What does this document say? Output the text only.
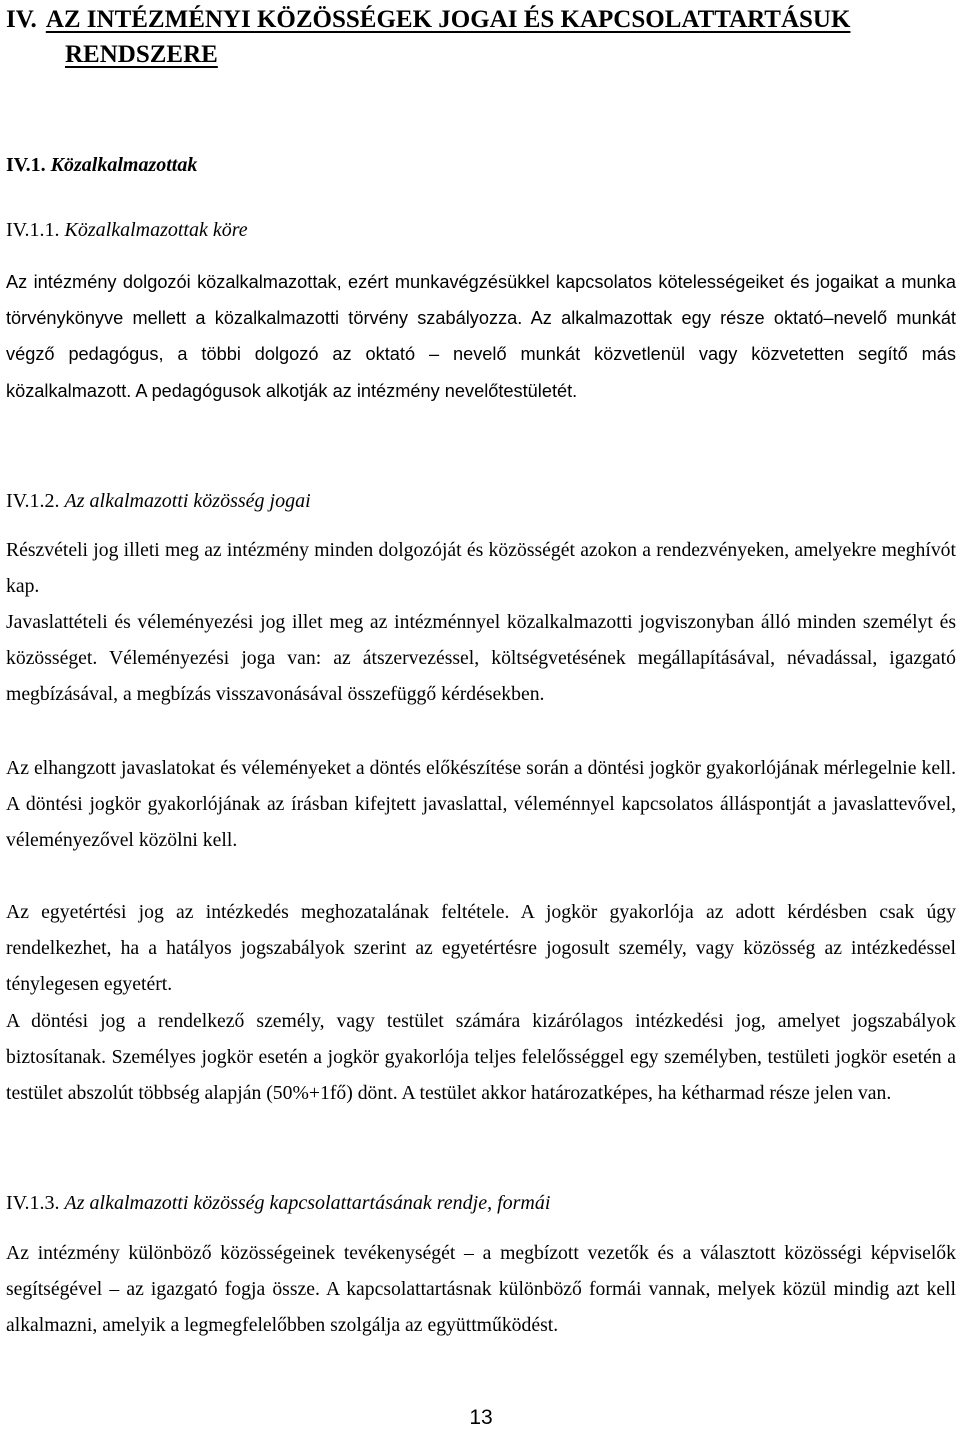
IV. AZ INTÉZMÉNYI KÖZÖSSÉGEK JOGAI ÉS KAPCSOLATTARTÁSUK
RENDSZERE
IV.1. Közalkalmazottak
IV.1.1. Közalkalmazottak köre

Az intézmény dolgozói közalkalmazottak, ezért munkavégzésükkel kapcsolatos kötelességeiket és jogaikat a munka törvénykönyve mellett a közalkalmazotti törvény szabályozza. Az alkalmazottak egy része oktató–nevelő munkát végző pedagógus, a többi dolgozó az oktató – nevelő munkát közvetlenül vagy közvetetten segítő más közalkalmazott. A pedagógusok alkotják az intézmény nevelőtestületét.

IV.1.2. Az alkalmazotti közösség jogai

Részvételi jog illeti meg az intézmény minden dolgozóját és közösségét azokon a rendezvényeken, amelyekre meghívót kap.

Javaslattételi és véleményezési jog illet meg az intézménnyel közalkalmazotti jogviszonyban álló minden személyt és közösséget. Véleményezési joga van: az átszervezéssel, költségvetésének megállapításával, névadással, igazgató megbízásával, a megbízás visszavonásával összefüggő kérdésekben.

Az elhangzott javaslatokat és véleményeket a döntés előkészítése során a döntési jogkör gyakorlójának mérlegelnie kell. A döntési jogkör gyakorlójának az írásban kifejtett javaslattal, véleménnyel kapcsolatos álláspontját a javaslattevővel, véleményezővel közölni kell.

Az egyetértési jog az intézkedés meghozatalának feltétele. A jogkör gyakorlója az adott kérdésben csak úgy rendelkezhet, ha a hatályos jogszabályok szerint az egyetértésre jogosult személy, vagy közösség az intézkedéssel ténylegesen egyetért.

A döntési jog a rendelkező személy, vagy testület számára kizárólagos intézkedési jog, amelyet jogszabályok biztosítanak. Személyes jogkör esetén a jogkör gyakorlója teljes felelősséggel egy személyben, testületi jogkör esetén a testület abszolút többség alapján (50%+1fő) dönt. A testület akkor határozatképes, ha kétharmad része jelen van.

IV.1.3. Az alkalmazotti közösség kapcsolattartásának rendje, formái

Az intézmény különböző közösségeinek tevékenységét – a megbízott vezetők és a választott közösségi képviselők segítségével – az igazgató fogja össze. A kapcsolattartásnak különböző formái vannak, melyek közül mindig azt kell alkalmazni, amelyik a legmegfelelőbben szolgálja az együttműködést.

13
